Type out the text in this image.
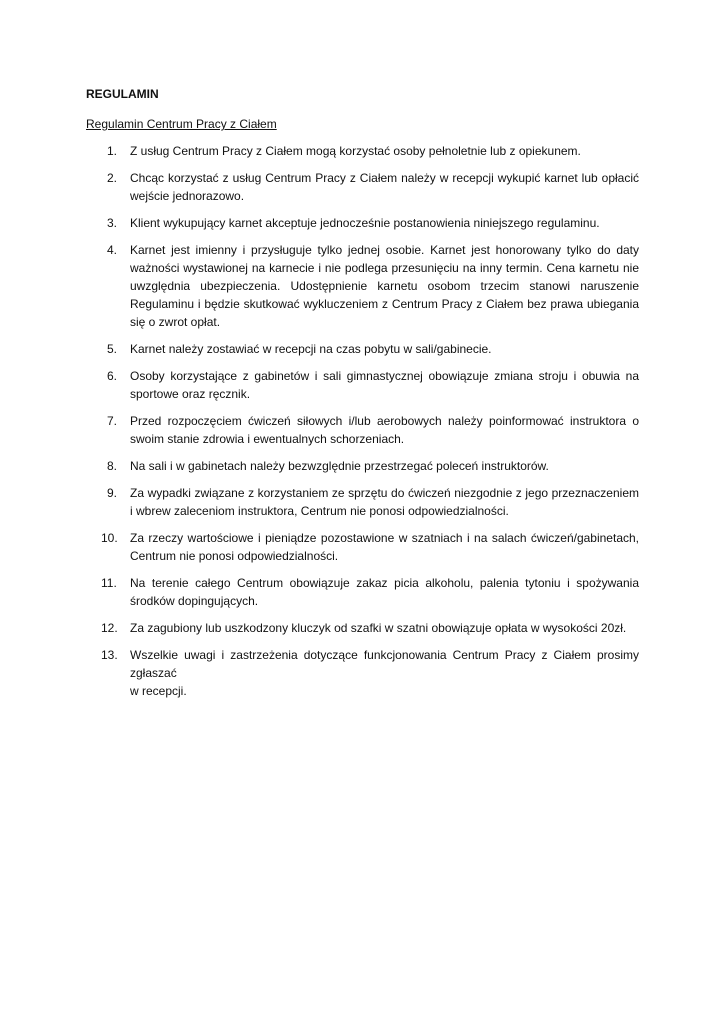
REGULAMIN

Regulamin Centrum Pracy z Ciałem

1.	Z usług Centrum Pracy z Ciałem mogą korzystać osoby pełnoletnie lub z opiekunem.
2.	Chcąc korzystać z usług Centrum Pracy z Ciałem należy w recepcji wykupić karnet lub opłacić wejście jednorazowo.
3.	Klient wykupujący karnet akceptuje jednocześnie postanowienia niniejszego regulaminu.
4.	Karnet jest imienny i przysługuje tylko jednej osobie. Karnet jest honorowany tylko do daty ważności wystawionej na karnecie i nie podlega przesunięciu na inny termin. Cena karnetu nie uwzględnia ubezpieczenia. Udostępnienie karnetu osobom trzecim stanowi naruszenie Regulaminu i będzie skutkować wykluczeniem z Centrum Pracy z Ciałem bez prawa ubiegania się o zwrot opłat.
5.	Karnet należy zostawiać w recepcji na czas pobytu w sali/gabinecie.
6.	Osoby korzystające z gabinetów i sali gimnastycznej obowiązuje zmiana stroju i obuwia na sportowe oraz ręcznik.
7.	Przed rozpoczęciem ćwiczeń siłowych i/lub aerobowych należy poinformować instruktora o swoim stanie zdrowia i ewentualnych schorzeniach.
8.	Na sali i w gabinetach należy bezwzględnie przestrzegać poleceń instruktorów.
9.	Za wypadki związane z korzystaniem ze sprzętu do ćwiczeń niezgodnie z jego przeznaczeniem i wbrew zaleceniom instruktora, Centrum nie ponosi odpowiedzialności.
10.	Za rzeczy wartościowe i pieniądze pozostawione w szatniach i na salach ćwiczeń/gabinetach, Centrum nie ponosi odpowiedzialności.
11.	Na terenie całego Centrum obowiązuje zakaz picia alkoholu, palenia tytoniu i spożywania środków dopingujących.
12.	Za zagubiony lub uszkodzony kluczyk od szafki w szatni obowiązuje opłata w wysokości 20zł.
13.	Wszelkie uwagi i zastrzeżenia dotyczące funkcjonowania Centrum Pracy z Ciałem prosimy zgłaszać
w recepcji.
